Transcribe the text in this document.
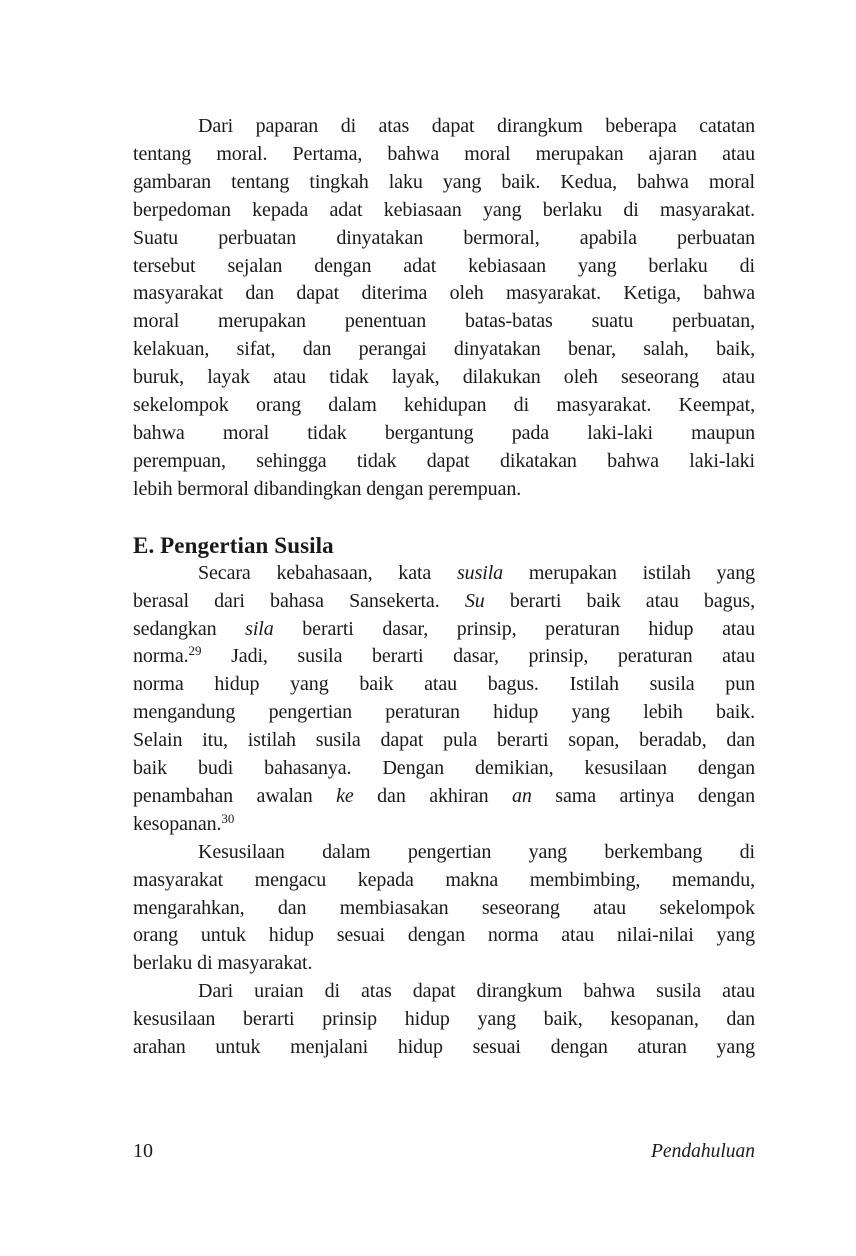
Dari paparan di atas dapat dirangkum beberapa catatan
tentang moral. Pertama, bahwa moral merupakan ajaran atau
gambaran tentang tingkah laku yang baik. Kedua, bahwa moral
berpedoman kepada adat kebiasaan yang berlaku di masyarakat.
Suatu perbuatan dinyatakan bermoral, apabila perbuatan
tersebut sejalan dengan adat kebiasaan yang berlaku di
masyarakat dan dapat diterima oleh masyarakat. Ketiga, bahwa
moral merupakan penentuan batas-batas suatu perbuatan,
kelakuan, sifat, dan perangai dinyatakan benar, salah, baik,
buruk, layak atau tidak layak, dilakukan oleh seseorang atau
sekelompok orang dalam kehidupan di masyarakat. Keempat,
bahwa moral tidak bergantung pada laki-laki maupun
perempuan, sehingga tidak dapat dikatakan bahwa laki-laki
lebih bermoral dibandingkan dengan perempuan.
E. Pengertian Susila
Secara kebahasaan, kata susila merupakan istilah yang
berasal dari bahasa Sansekerta. Su berarti baik atau bagus,
sedangkan sila berarti dasar, prinsip, peraturan hidup atau
norma.$^{29}$ Jadi, susila berarti dasar, prinsip, peraturan atau
norma hidup yang baik atau bagus. Istilah susila pun
mengandung pengertian peraturan hidup yang lebih baik.
Selain itu, istilah susila dapat pula berarti sopan, beradab, dan
baik budi bahasanya. Dengan demikian, kesusilaan dengan
penambahan awalan ke dan akhiran an sama artinya dengan
kesopanan.$^{30}$
Kesusilaan dalam pengertian yang berkembang di
masyarakat mengacu kepada makna membimbing, memandu,
mengarahkan, dan membiasakan seseorang atau sekelompok
orang untuk hidup sesuai dengan norma atau nilai-nilai yang
berlaku di masyarakat.
Dari uraian di atas dapat dirangkum bahwa susila atau
kesusilaan berarti prinsip hidup yang baik, kesopanan, dan
arahan untuk menjalani hidup sesuai dengan aturan yang
10	Pendahuluan
